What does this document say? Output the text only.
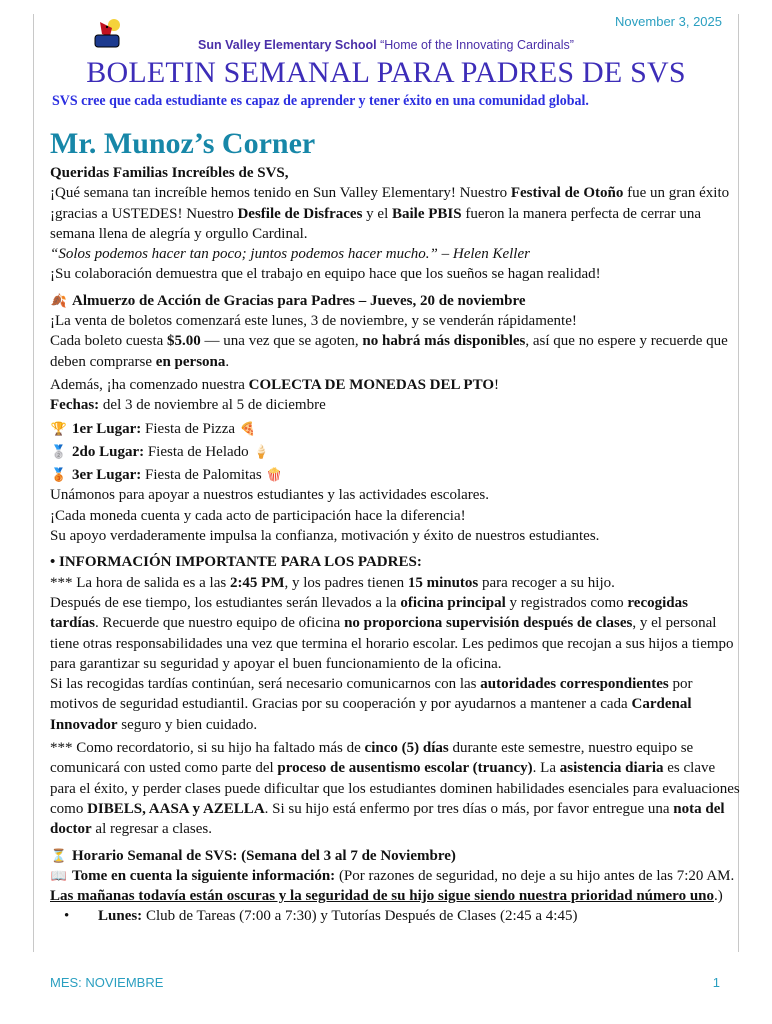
November 3, 2025
Sun Valley Elementary School “Home of the Innovating Cardinals”
BOLETIN SEMANAL PARA PADRES DE SVS
SVS cree que cada estudiante es capaz de aprender y tener éxito en una comunidad global.
Mr. Munoz’s Corner

Queridas Familias Increíbles de SVS,

¡Qué semana tan increíble hemos tenido en Sun Valley Elementary! Nuestro Festival de Otoño fue un gran éxito ¡gracias a USTEDES! Nuestro Desfile de Disfraces y el Baile PBIS fueron la manera perfecta de cerrar una semana llena de alegría y orgullo Cardinal.

“Solos podemos hacer tan poco; juntos podemos hacer mucho.” – Helen Keller

¡Su colaboración demuestra que el trabajo en equipo hace que los sueños se hagan realidad!

🍂 Almuerzo de Acción de Gracias para Padres – Jueves, 20 de noviembre

¡La venta de boletos comenzará este lunes, 3 de noviembre, y se venderán rápidamente!

Cada boleto cuesta $5.00 — una vez que se agoten, no habrá más disponibles, así que no espere y recuerde que deben comprarse en persona.

Además, ¡ha comenzado nuestra COLECTA DE MONEDAS DEL PTO!

Fechas: del 3 de noviembre al 5 de diciembre

🏆 1er Lugar: Fiesta de Pizza 🍕

🥈 2do Lugar: Fiesta de Helado 🍦

🥉 3er Lugar: Fiesta de Palomitas 🍿

Unámonos para apoyar a nuestros estudiantes y las actividades escolares.

¡Cada moneda cuenta y cada acto de participación hace la diferencia!

Su apoyo verdaderamente impulsa la confianza, motivación y éxito de nuestros estudiantes.

• INFORMACIÓN IMPORTANTE PARA LOS PADRES:

*** La hora de salida es a las 2:45 PM, y los padres tienen 15 minutos para recoger a su hijo.

Después de ese tiempo, los estudiantes serán llevados a la oficina principal y registrados como recogidas tardías. Recuerde que nuestro equipo de oficina no proporciona supervisión después de clases, y el personal tiene otras responsabilidades una vez que termina el horario escolar. Les pedimos que recojan a sus hijos a tiempo para garantizar su seguridad y apoyar el buen funcionamiento de la oficina.

Si las recogidas tardías continúan, será necesario comunicarnos con las autoridades correspondientes por motivos de seguridad estudiantil. Gracias por su cooperación y por ayudarnos a mantener a cada Cardenal Innovador seguro y bien cuidado.

*** Como recordatorio, si su hijo ha faltado más de cinco (5) días durante este semestre, nuestro equipo se comunicará con usted como parte del proceso de ausentismo escolar (truancy). La asistencia diaria es clave para el éxito, y perder clases puede dificultar que los estudiantes dominen habilidades esenciales para evaluaciones como DIBELS, AASA y AZELLA. Si su hijo está enfermo por tres días o más, por favor entregue una nota del doctor al regresar a clases.

⏳ Horario Semanal de SVS: (Semana del 3 al 7 de Noviembre)

📖 Tome en cuenta la siguiente información: (Por razones de seguridad, no deje a su hijo antes de las 7:20 AM. Las mañanas todavía están oscuras y la seguridad de su hijo sigue siendo nuestra prioridad número uno.)

• Lunes: Club de Tareas (7:00 a 7:30) y Tutorías Después de Clases (2:45 a 4:45)

MES: NOVIEMBRE	1
